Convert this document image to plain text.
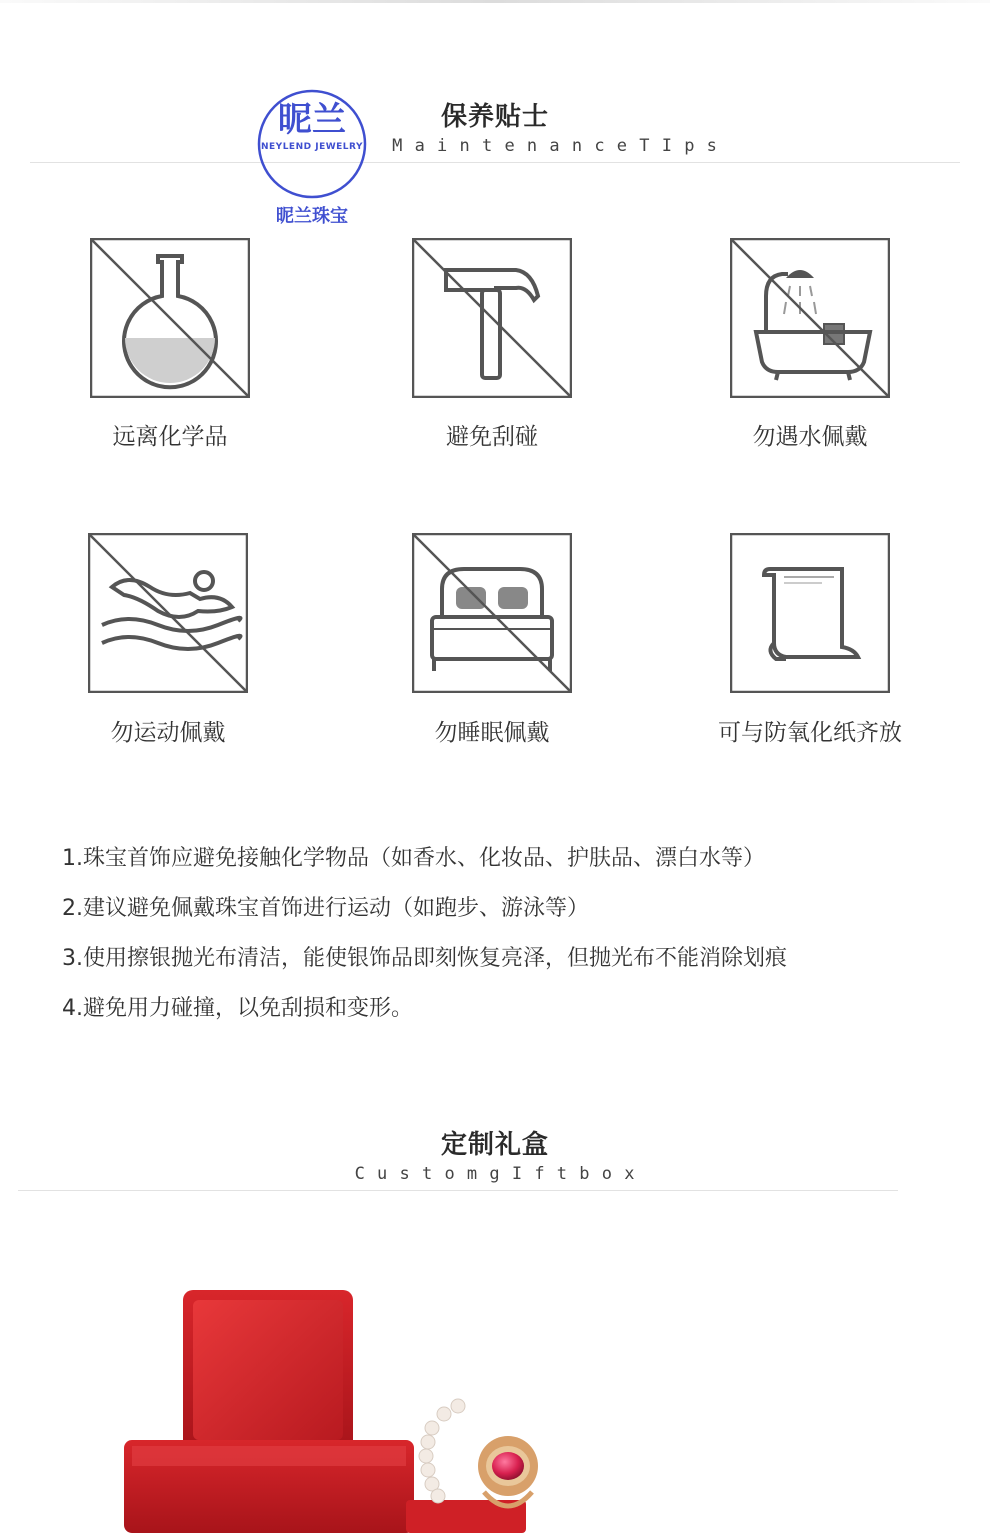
保养贴士
M a i n t e n a n c e T I p s
昵兰
NEYLEND JEWELRY
昵兰珠宝
远离化学品	避免刮碰	勿遇水佩戴
勿运动佩戴	勿睡眠佩戴	可与防氧化纸齐放
1.珠宝首饰应避免接触化学物品（如香水、化妆品、护肤品、漂白水等）
2.建议避免佩戴珠宝首饰进行运动（如跑步、游泳等）
3.使用擦银抛光布清洁，能使银饰品即刻恢复亮泽，但抛光布不能消除划痕
4.避免用力碰撞，以免刮损和变形。
定制礼盒
C u s t o m g I f t b o x
